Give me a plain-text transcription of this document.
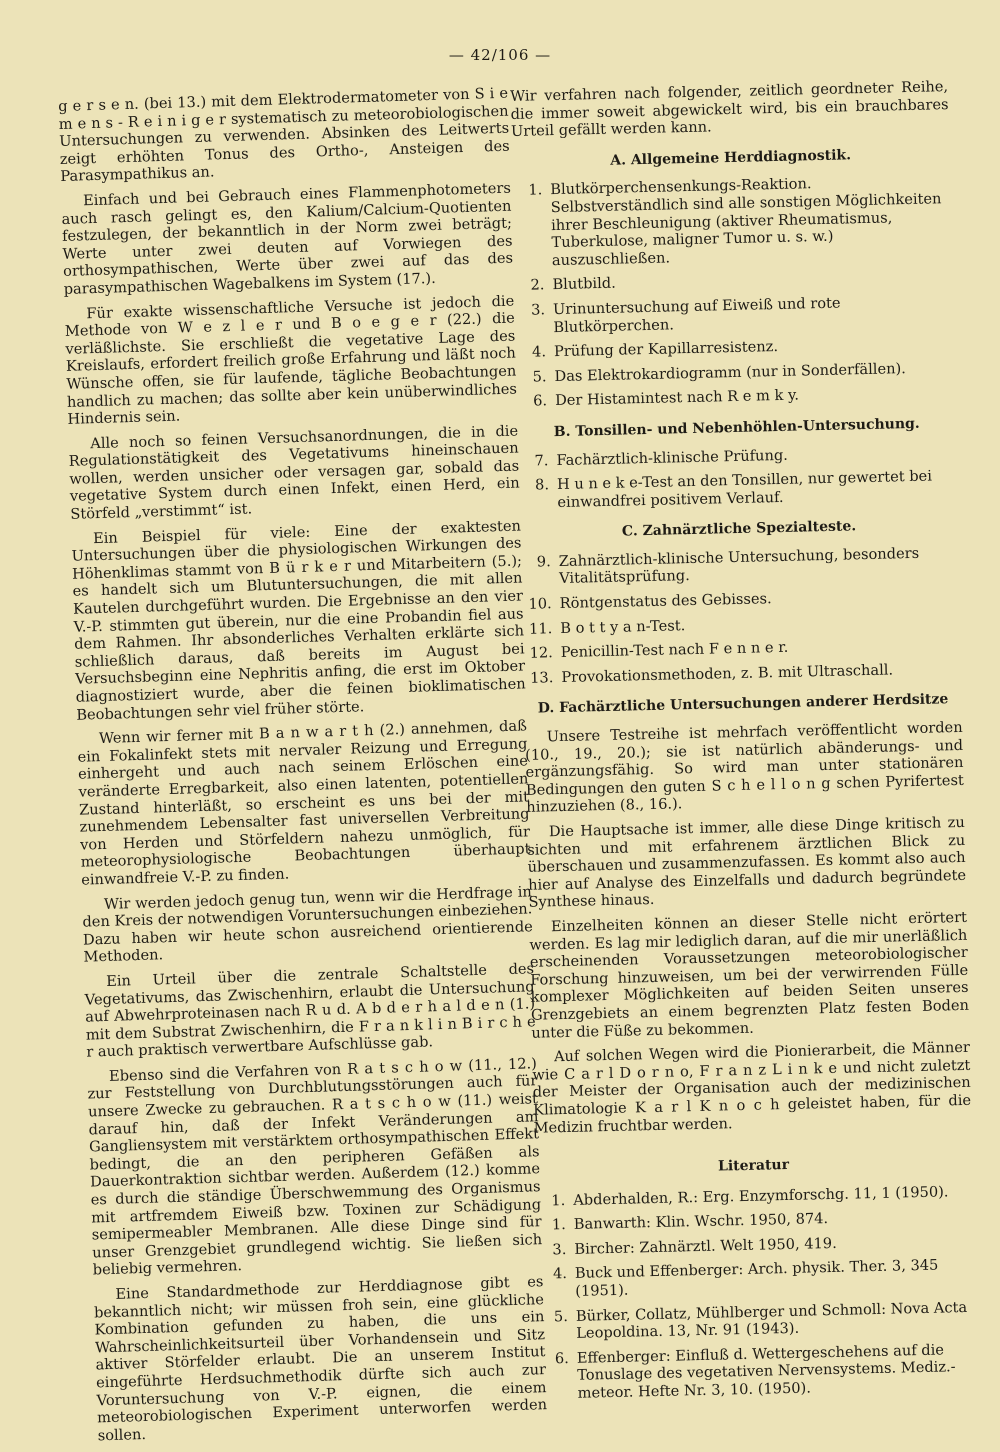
— 42/106 —

g e r s e n. (bei 13.) mit dem Elektrodermatometer von S i e m e n s - R e i n i g e r systematisch zu meteorobiologischen Untersuchungen zu verwenden. Absinken des Leitwerts zeigt erhöhten Tonus des Ortho-, Ansteigen des Parasympathikus an.

Einfach und bei Gebrauch eines Flammenphotometers auch rasch gelingt es, den Kalium/Calcium-Quotienten festzulegen, der bekanntlich in der Norm zwei beträgt; Werte unter zwei deuten auf Vorwiegen des orthosympathischen, Werte über zwei auf das des parasympathischen Wagebalkens im System (17.).

Für exakte wissenschaftliche Versuche ist jedoch die Methode von W e z l e r und B o e g e r (22.) die verläßlichste. Sie erschließt die vegetative Lage des Kreislaufs, erfordert freilich große Erfahrung und läßt noch Wünsche offen, sie für laufende, tägliche Beobachtungen handlich zu machen; das sollte aber kein unüberwindliches Hindernis sein.

Alle noch so feinen Versuchsanordnungen, die in die Regulationstätigkeit des Vegetativums hineinschauen wollen, werden unsicher oder versagen gar, sobald das vegetative System durch einen Infekt, einen Herd, ein Störfeld „verstimmt“ ist.

Ein Beispiel für viele: Eine der exaktesten Untersuchungen über die physiologischen Wirkungen des Höhenklimas stammt von B ü r k e r und Mitarbeitern (5.); es handelt sich um Blutuntersuchungen, die mit allen Kautelen durchgeführt wurden. Die Ergebnisse an den vier V.-P. stimmten gut überein, nur die eine Probandin fiel aus dem Rahmen. Ihr absonderliches Verhalten erklärte sich schließlich daraus, daß bereits im August bei Versuchsbeginn eine Nephritis anfing, die erst im Oktober diagnostiziert wurde, aber die feinen bioklimatischen Beobachtungen sehr viel früher störte.

Wenn wir ferner mit B a n w a r t h (2.) annehmen, daß ein Fokalinfekt stets mit nervaler Reizung und Erregung einhergeht und auch nach seinem Erlöschen eine veränderte Erregbarkeit, also einen latenten, potentiellen Zustand hinterläßt, so erscheint es uns bei der mit zunehmendem Lebensalter fast universellen Verbreitung von Herden und Störfeldern nahezu unmöglich, für meteorophysiologische Beobachtungen überhaupt einwandfreie V.-P. zu finden.

Wir werden jedoch genug tun, wenn wir die Herdfrage in den Kreis der notwendigen Voruntersuchungen einbeziehen. Dazu haben wir heute schon ausreichend orientierende Methoden.

Ein Urteil über die zentrale Schaltstelle des Vegetativums, das Zwischenhirn, erlaubt die Untersuchung auf Abwehrproteinasen nach R u d. A b d e r h a l d e n (1.) mit dem Substrat Zwischenhirn, die F r a n k l i n B i r c h e r auch praktisch verwertbare Aufschlüsse gab.

Ebenso sind die Verfahren von R a t s c h o w (11., 12.) zur Feststellung von Durchblutungsstörungen auch für unsere Zwecke zu gebrauchen. R a t s c h o w (11.) weist darauf hin, daß der Infekt Veränderungen am Gangliensystem mit verstärktem orthosympathischen Effekt bedingt, die an den peripheren Gefäßen als Dauerkontraktion sichtbar werden. Außerdem (12.) komme es durch die ständige Überschwemmung des Organismus mit artfremdem Eiweiß bzw. Toxinen zur Schädigung semipermeabler Membranen. Alle diese Dinge sind für unser Grenzgebiet grundlegend wichtig. Sie ließen sich beliebig vermehren.

Eine Standardmethode zur Herddiagnose gibt es bekanntlich nicht; wir müssen froh sein, eine glückliche Kombination gefunden zu haben, die uns ein Wahrscheinlichkeitsurteil über Vorhandensein und Sitz aktiver Störfelder erlaubt. Die an unserem Institut eingeführte Herdsuchmethodik dürfte sich auch zur Voruntersuchung von V.-P. eignen, die einem meteorobiologischen Experiment unterworfen werden sollen.

Wir verfahren nach folgender, zeitlich geordneter Reihe, die immer soweit abgewickelt wird, bis ein brauchbares Urteil gefällt werden kann.

A. Allgemeine Herddiagnostik.
1. Blutkörperchensenkungs-Reaktion. Selbstverständlich sind alle sonstigen Möglichkeiten ihrer Beschleunigung (aktiver Rheumatismus, Tuberkulose, maligner Tumor u. s. w.) auszuschließen.
2. Blutbild.
3. Urinuntersuchung auf Eiweiß und rote Blutkörperchen.
4. Prüfung der Kapillarresistenz.
5. Das Elektrokardiogramm (nur in Sonderfällen).
6. Der Histamintest nach R e m k y.
B. Tonsillen- und Nebenhöhlen-Untersuchung.
7. Fachärztlich-klinische Prüfung.
8. H u n e k e-Test an den Tonsillen, nur gewertet bei einwandfrei positivem Verlauf.
C. Zahnärztliche Spezialteste.
9. Zahnärztlich-klinische Untersuchung, besonders Vitalitätsprüfung.
10. Röntgenstatus des Gebisses.
11. B o t t y a n-Test.
12. Penicillin-Test nach F e n n e r.
13. Provokationsmethoden, z. B. mit Ultraschall.
D. Fachärztliche Untersuchungen anderer Herdsitze

Unsere Testreihe ist mehrfach veröffentlicht worden (10., 19., 20.); sie ist natürlich abänderungs- und ergänzungsfähig. So wird man unter stationären Bedingungen den guten S c h e l l o n g schen Pyrifertest hinzuziehen (8., 16.).

Die Hauptsache ist immer, alle diese Dinge kritisch zu sichten und mit erfahrenem ärztlichen Blick zu überschauen und zusammenzufassen. Es kommt also auch hier auf Analyse des Einzelfalls und dadurch begründete Synthese hinaus.

Einzelheiten können an dieser Stelle nicht erörtert werden. Es lag mir lediglich daran, auf die mir unerläßlich erscheinenden Voraussetzungen meteorobiologischer Forschung hinzuweisen, um bei der verwirrenden Fülle komplexer Möglichkeiten auf beiden Seiten unseres Grenzgebiets an einem begrenzten Platz festen Boden unter die Füße zu bekommen.

Auf solchen Wegen wird die Pionierarbeit, die Männer wie C a r l D o r n o, F r a n z L i n k e und nicht zuletzt der Meister der Organisation auch der medizinischen Klimatologie K a r l K n o c h geleistet haben, für die Medizin fruchtbar werden.

Literatur
1. Abderhalden, R.: Erg. Enzymforschg. 11, 1 (1950).
1. Banwarth: Klin. Wschr. 1950, 874.
3. Bircher: Zahnärztl. Welt 1950, 419.
4. Buck und Effenberger: Arch. physik. Ther. 3, 345 (1951).
5. Bürker, Collatz, Mühlberger und Schmoll: Nova Acta Leopoldina. 13, Nr. 91 (1943).
6. Effenberger: Einfluß d. Wettergeschehens auf die Tonuslage des vegetativen Nervensystems. Mediz.-meteor. Hefte Nr. 3, 10. (1950).
